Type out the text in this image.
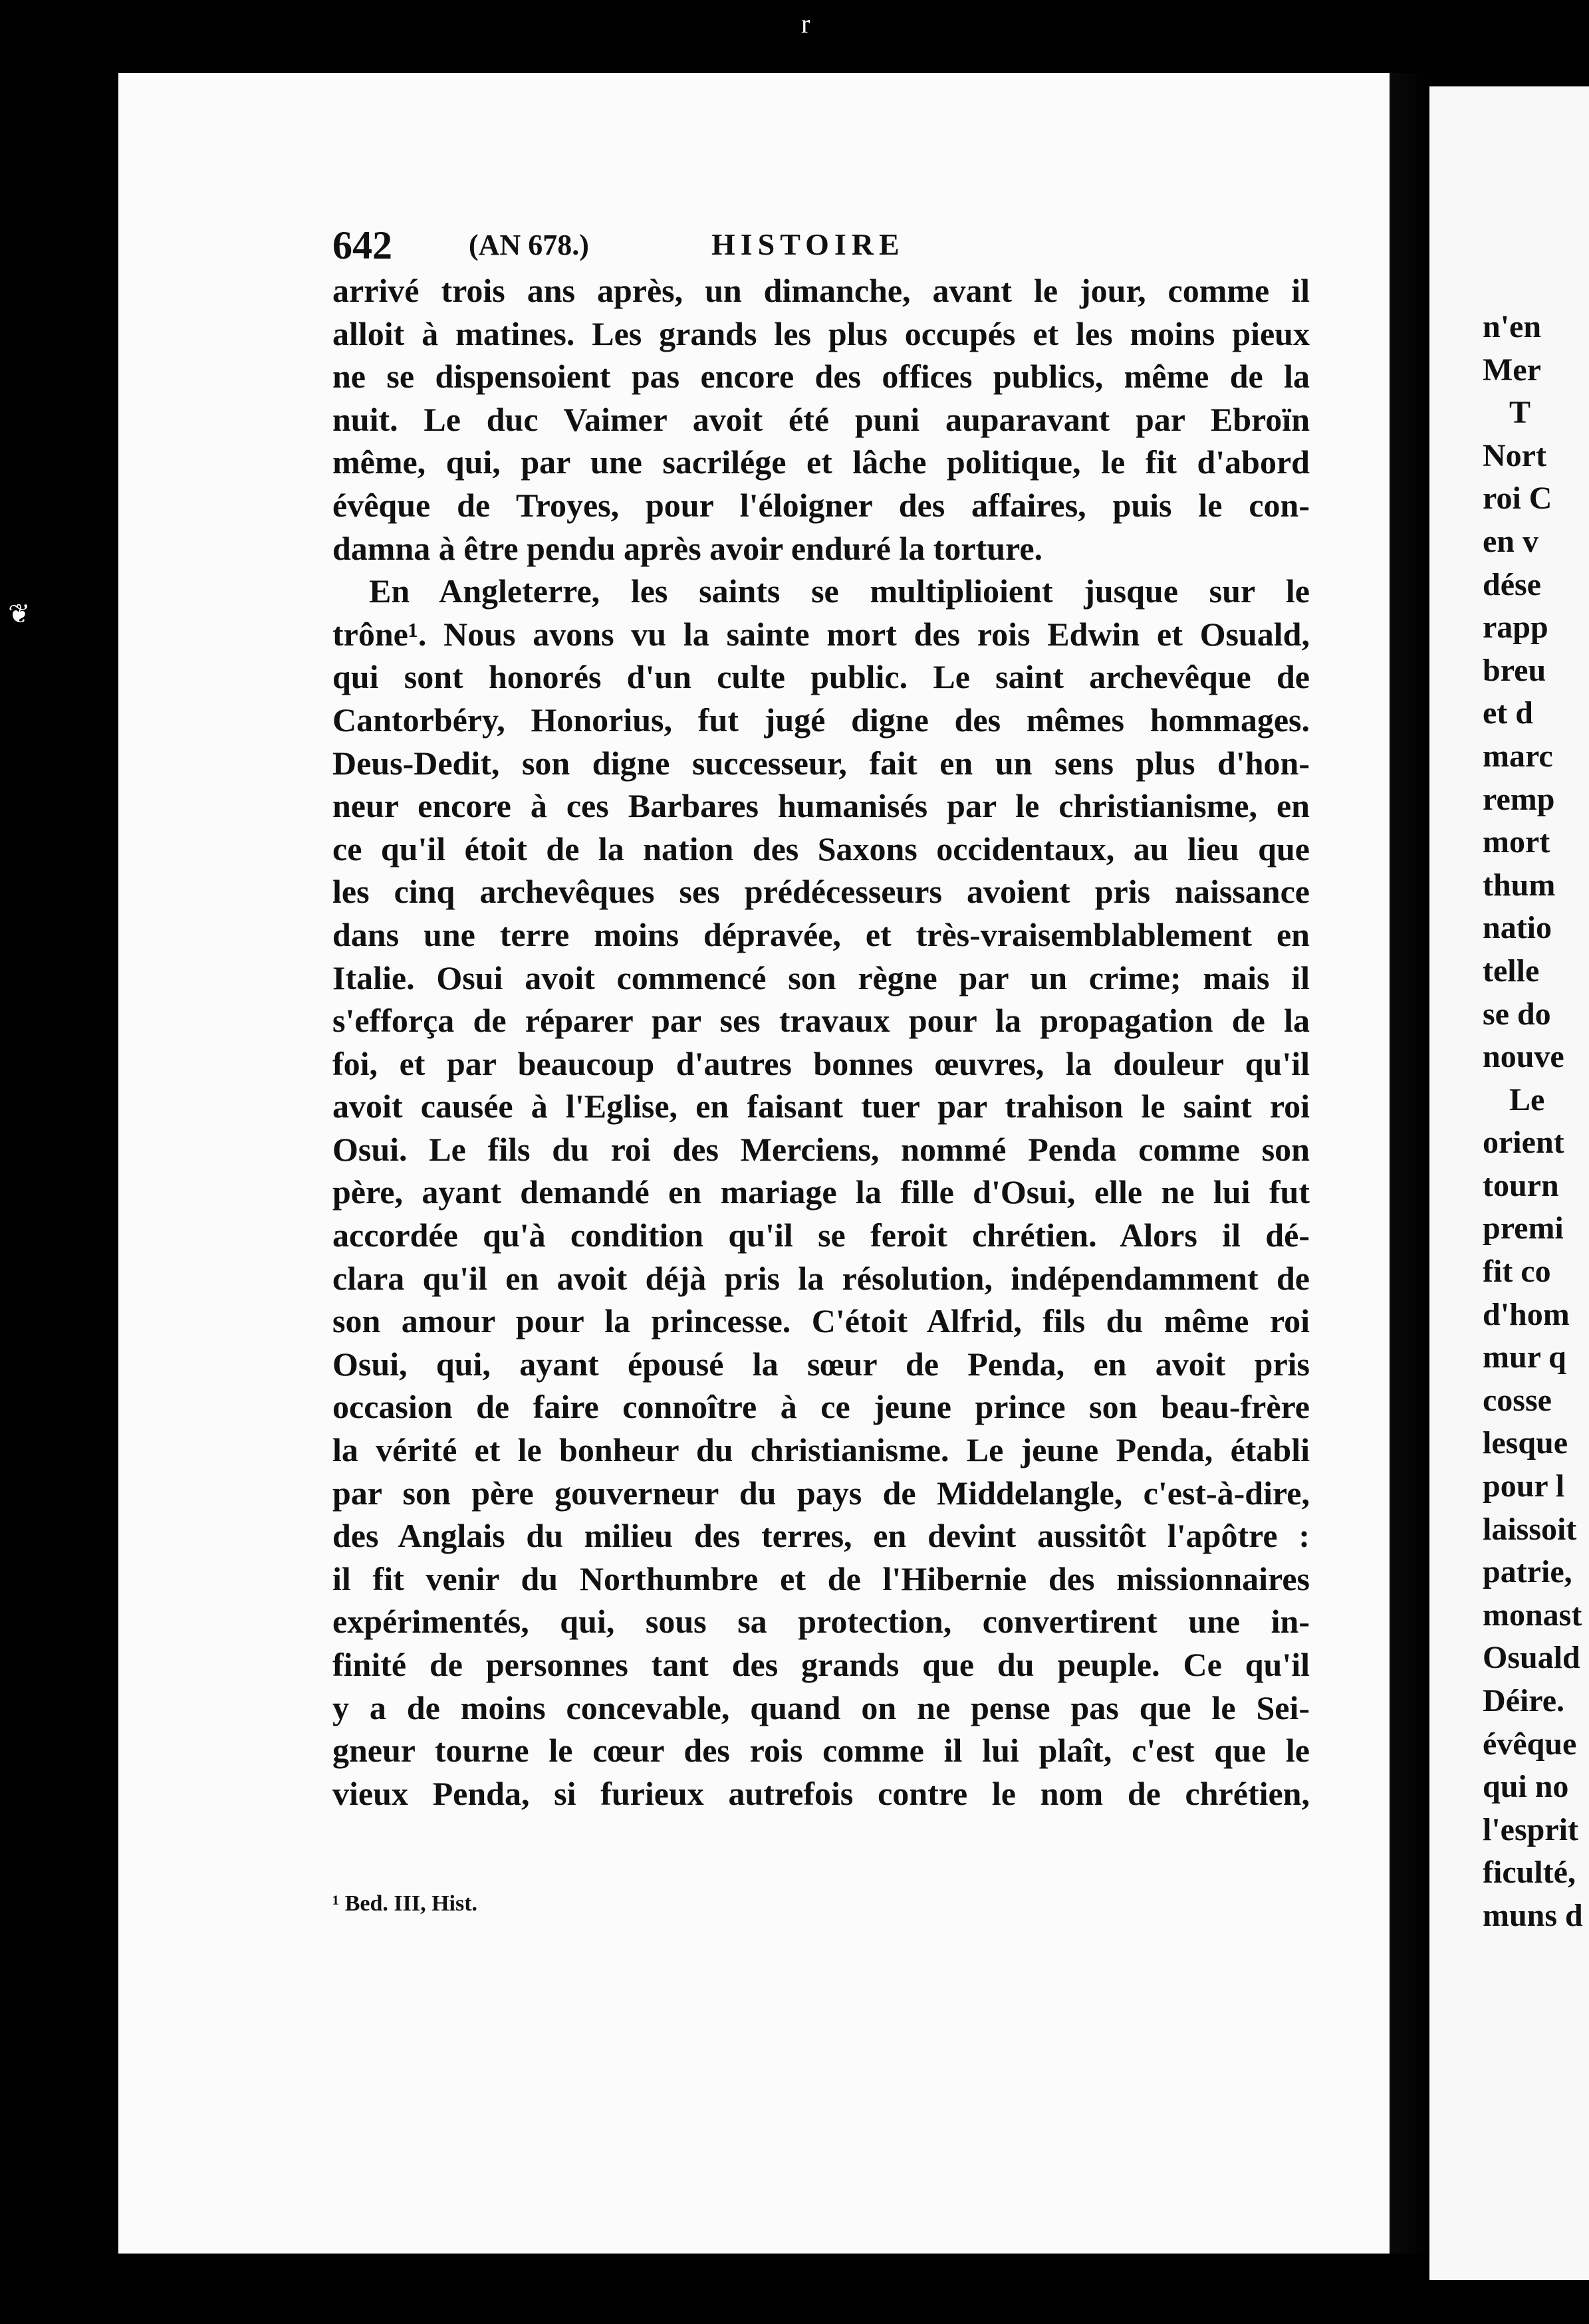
r
❦
642	(AN 678.)	HISTOIRE
arrivé trois ans après, un dimanche, avant le jour, comme il
alloit à matines. Les grands les plus occupés et les moins pieux
ne se dispensoient pas encore des offices publics, même de la
nuit. Le duc Vaimer avoit été puni auparavant par Ebroïn
même, qui, par une sacrilége et lâche politique, le fit d'abord
évêque de Troyes, pour l'éloigner des affaires, puis le con-
damna à être pendu après avoir enduré la torture.
En Angleterre, les saints se multiplioient jusque sur le
trône¹. Nous avons vu la sainte mort des rois Edwin et Osuald,
qui sont honorés d'un culte public. Le saint archevêque de
Cantorbéry, Honorius, fut jugé digne des mêmes hommages.
Deus-Dedit, son digne successeur, fait en un sens plus d'hon-
neur encore à ces Barbares humanisés par le christianisme, en
ce qu'il étoit de la nation des Saxons occidentaux, au lieu que
les cinq archevêques ses prédécesseurs avoient pris naissance
dans une terre moins dépravée, et très-vraisemblablement en
Italie. Osui avoit commencé son règne par un crime; mais il
s'efforça de réparer par ses travaux pour la propagation de la
foi, et par beaucoup d'autres bonnes œuvres, la douleur qu'il
avoit causée à l'Eglise, en faisant tuer par trahison le saint roi
Osui. Le fils du roi des Merciens, nommé Penda comme son
père, ayant demandé en mariage la fille d'Osui, elle ne lui fut
accordée qu'à condition qu'il se feroit chrétien. Alors il dé-
clara qu'il en avoit déjà pris la résolution, indépendamment de
son amour pour la princesse. C'étoit Alfrid, fils du même roi
Osui, qui, ayant épousé la sœur de Penda, en avoit pris
occasion de faire connoître à ce jeune prince son beau-frère
la vérité et le bonheur du christianisme. Le jeune Penda, établi
par son père gouverneur du pays de Middelangle, c'est-à-dire,
des Anglais du milieu des terres, en devint aussitôt l'apôtre :
il fit venir du Northumbre et de l'Hibernie des missionnaires
expérimentés, qui, sous sa protection, convertirent une in-
finité de personnes tant des grands que du peuple. Ce qu'il
y a de moins concevable, quand on ne pense pas que le Sei-
gneur tourne le cœur des rois comme il lui plaît, c'est que le
vieux Penda, si furieux autrefois contre le nom de chrétien,
¹ Bed. III, Hist.
n'en
Mer
T
Nort
roi C
en v
dése
rapp
breu
et d
marc
remp
mort
thum
natio
telle
se do
nouve
Le
orient
tourn
premi
fit co
d'hom
mur q
cosse
lesque
pour l
laissoit
patrie,
monast
Osuald
Déire.
évêque
qui no
l'esprit
ficulté,
muns d
